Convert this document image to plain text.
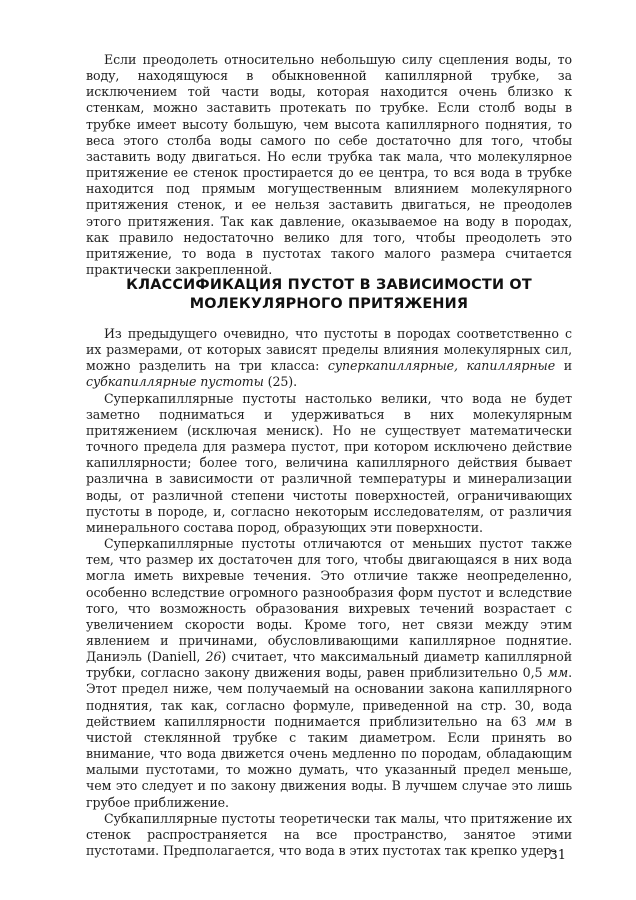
Если преодолеть относительно небольшую силу сцепления воды, то воду, находящуюся в обыкновенной капиллярной трубке, за исключением той части воды, которая находится очень близко к стенкам, можно заставить протекать по трубке. Если столб воды в трубке имеет высоту большую, чем высота капиллярного поднятия, то веса этого столба воды самого по себе достаточно для того, чтобы заставить воду двигаться. Но если трубка так мала, что молекулярное притяжение ее стенок простирается до ее центра, то вся вода в трубке находится под прямым могущественным влиянием молекулярного притяжения стенок, и ее нельзя заставить двигаться, не преодолев этого притяжения. Так как давление, оказываемое на воду в породах, как правило недостаточно велико для того, чтобы преодолеть это притяжение, то вода в пустотах такого малого размера считается практически закрепленной.

КЛАССИФИКАЦИЯ ПУСТОТ В ЗАВИСИМОСТИ ОТ
МОЛЕКУЛЯРНОГО ПРИТЯЖЕНИЯ

Из предыдущего очевидно, что пустоты в породах соответственно с их размерами, от которых зависят пределы влияния молекулярных сил, можно разделить на три класса: суперкапиллярные, капиллярные и субкапиллярные пустоты (25).

Суперкапиллярные пустоты настолько велики, что вода не будет заметно подниматься и удерживаться в них молекулярным притяжением (исключая мениск). Но не существует математически точного предела для размера пустот, при котором исключено действие капиллярности; более того, величина капиллярного действия бывает различна в зависимости от различной температуры и минерализации воды, от различной степени чистоты поверхностей, ограничивающих пустоты в породе, и, согласно некоторым исследователям, от различия минерального состава пород, образующих эти поверхности.

Суперкапиллярные пустоты отличаются от меньших пустот также тем, что размер их достаточен для того, чтобы двигающаяся в них вода могла иметь вихревые течения. Это отличие также неопределенно, особенно вследствие огромного разнообразия форм пустот и вследствие того, что возможность образования вихревых течений возрастает с увеличением скорости воды. Кроме того, нет связи между этим явлением и причинами, обусловливающими капиллярное поднятие. Даниэль (Daniell, 26) считает, что максимальный диаметр капиллярной трубки, согласно закону движения воды, равен приблизительно 0,5 мм. Этот предел ниже, чем получаемый на основании закона капиллярного поднятия, так как, согласно формуле, приведенной на стр. 30, вода действием капиллярности поднимается приблизительно на 63 мм в чистой стеклянной трубке с таким диаметром. Если принять во внимание, что вода движется очень медленно по породам, обладающим малыми пустотами, то можно думать, что указанный предел меньше, чем это следует и по закону движения воды. В лучшем случае это лишь грубое приближение.

Субкапиллярные пустоты теоретически так малы, что притяжение их стенок распространяется на все пространство, занятое этими пустотами. Предполагается, что вода в этих пустотах так крепко удер-

31
